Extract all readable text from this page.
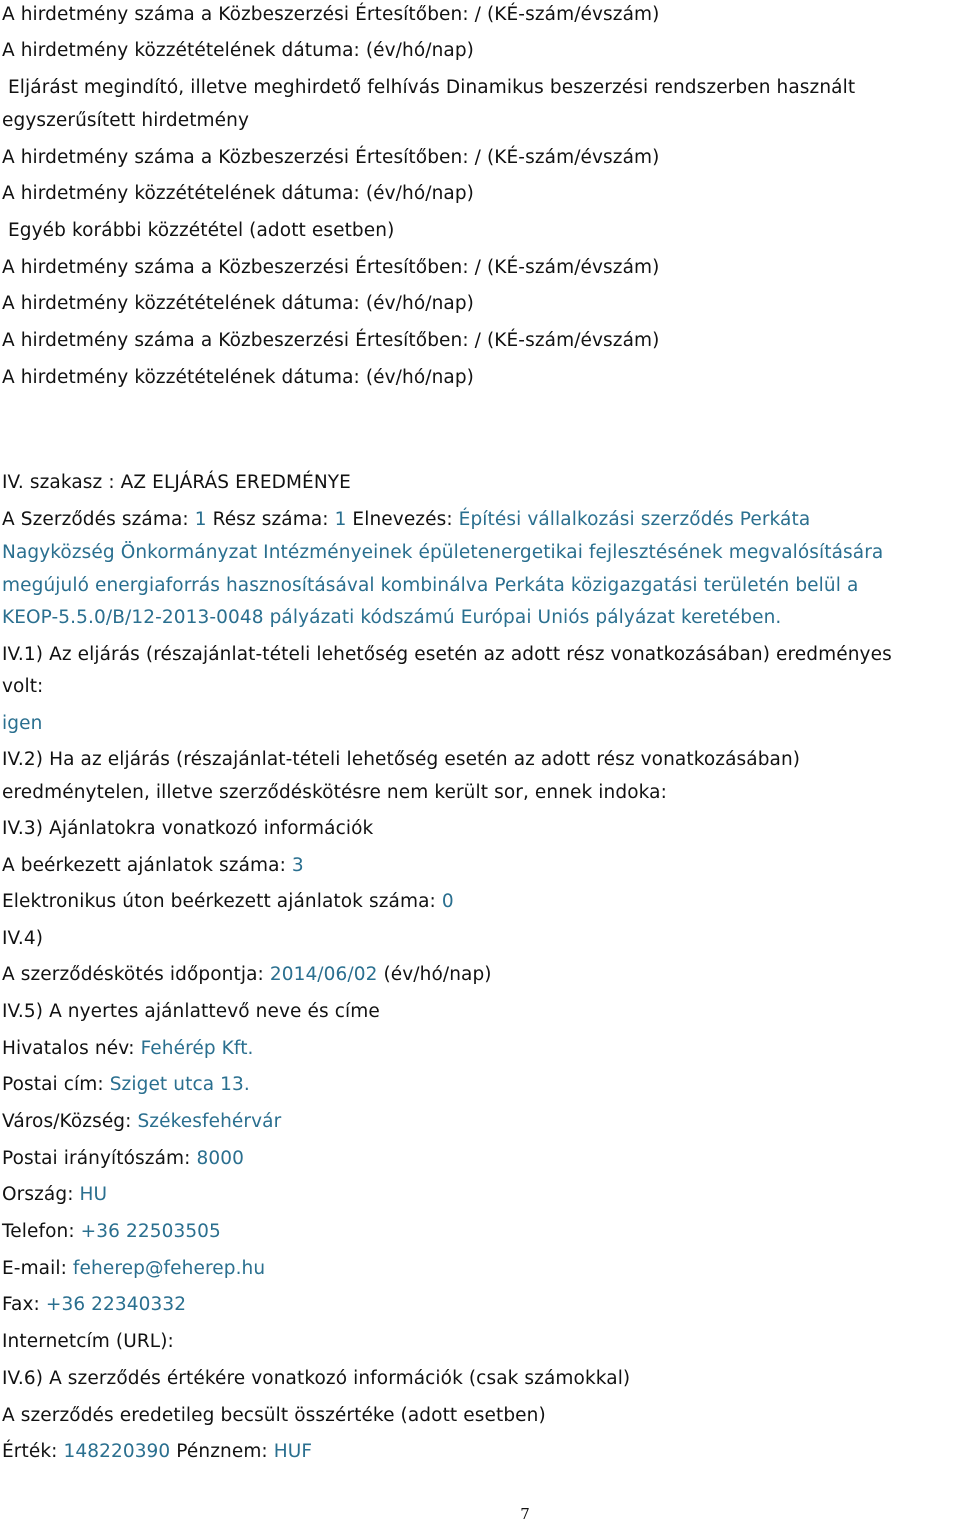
A hirdetmény száma a Közbeszerzési Értesítőben: / (KÉ-szám/évszám)
A hirdetmény közzétételének dátuma: (év/hó/nap)
Eljárást megindító, illetve meghirdető felhívás Dinamikus beszerzési rendszerben használt
egyszerűsített hirdetmény
A hirdetmény száma a Közbeszerzési Értesítőben: / (KÉ-szám/évszám)
A hirdetmény közzétételének dátuma: (év/hó/nap)
Egyéb korábbi közzététel (adott esetben)
A hirdetmény száma a Közbeszerzési Értesítőben: / (KÉ-szám/évszám)
A hirdetmény közzétételének dátuma: (év/hó/nap)
A hirdetmény száma a Közbeszerzési Értesítőben: / (KÉ-szám/évszám)
A hirdetmény közzétételének dátuma: (év/hó/nap)
IV. szakasz : AZ ELJÁRÁS EREDMÉNYE
A Szerződés száma: 1 Rész száma: 1 Elnevezés: Építési vállalkozási szerződés Perkáta
Nagyközség Önkormányzat Intézményeinek épületenergetikai fejlesztésének megvalósítására
megújuló energiaforrás hasznosításával kombinálva Perkáta közigazgatási területén belül a
KEOP-5.5.0/B/12-2013-0048 pályázati kódszámú Európai Uniós pályázat keretében.
IV.1) Az eljárás (részajánlat-tételi lehetőség esetén az adott rész vonatkozásában) eredményes
volt:
igen
IV.2) Ha az eljárás (részajánlat-tételi lehetőség esetén az adott rész vonatkozásában)
eredménytelen, illetve szerződéskötésre nem került sor, ennek indoka:
IV.3) Ajánlatokra vonatkozó információk
A beérkezett ajánlatok száma: 3
Elektronikus úton beérkezett ajánlatok száma: 0
IV.4)
A szerződéskötés időpontja: 2014/06/02 (év/hó/nap)
IV.5) A nyertes ajánlattevő neve és címe
Hivatalos név: Fehérép Kft.
Postai cím: Sziget utca 13.
Város/Község: Székesfehérvár
Postai irányítószám: 8000
Ország: HU
Telefon: +36 22503505
E-mail: feherep@feherep.hu
Fax: +36 22340332
Internetcím (URL):
IV.6) A szerződés értékére vonatkozó információk (csak számokkal)
A szerződés eredetileg becsült összértéke (adott esetben)
Érték: 148220390 Pénznem: HUF
7
